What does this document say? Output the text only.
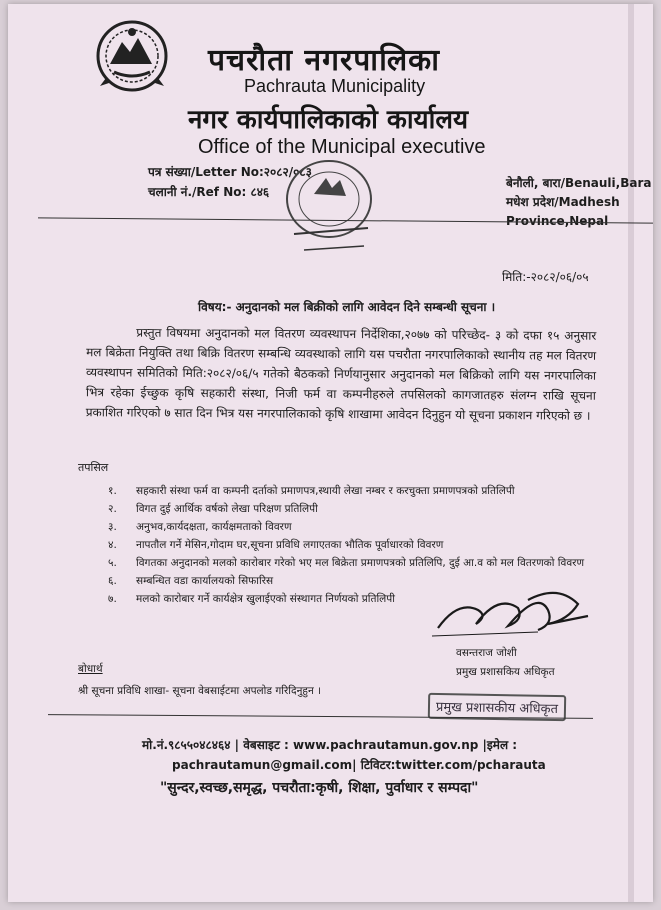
पचरौता नगरपालिका
Pachrauta Municipality
नगर कार्यपालिकाको कार्यालय
Office of the Municipal executive
पत्र संख्या/Letter No:२०८२/०८३
चलानी नं./Ref No: ८४६
बेनौली, बारा/Benauli,Bara
मधेश प्रदेश/Madhesh
Province,Nepal
मिति:-२०८२/०६/०५
विषय:- अनुदानको मल बिक्रीको लागि आवेदन दिने सम्बन्धी सूचना ।
प्रस्तुत विषयमा अनुदानको मल वितरण व्यवस्थापन निर्देशिका,२०७७ को परिच्छेद- ३ को दफा १५ अनुसार मल बिक्रेता नियुक्ति तथा बिक्रि वितरण सम्बन्धि व्यवस्थाको लागि यस पचरौता नगरपालिकाको स्थानीय तह मल वितरण व्यवस्थापन समितिको मिति:२०८२/०६/५ गतेको बैठकको निर्णयानुसार अनुदानको मल बिक्रिको लागि यस नगरपालिका भित्र रहेका ईच्छुक कृषि सहकारी संस्था, निजी फर्म वा कम्पनीहरुले तपसिलको कागजातहरु संलग्न राखि सूचना प्रकाशित गरिएको ७ सात दिन भित्र यस नगरपालिकाको कृषि शाखामा आवेदन दिनुहुन यो सूचना प्रकाशन गरिएको छ ।
तपसिल
१.	सहकारी संस्था फर्म वा कम्पनी दर्ताको प्रमाणपत्र,स्थायी लेखा नम्बर र करचुक्ता प्रमाणपत्रको प्रतिलिपी
२.	विगत दुई आर्थिक वर्षको लेखा परिक्षण प्रतिलिपी
३.	अनुभव,कार्यदक्षता, कार्यक्षमताको विवरण
४.	नापतौल गर्ने मेसिन,गोदाम घर,सूचना प्रविधि लगाएतका भौतिक पूर्वाधारको विवरण
५.	विगतका अनुदानको मलको कारोबार गरेको भए मल बिक्रेता प्रमाणपत्रको प्रतिलिपि, दुई आ.व को मल वितरणको विवरण
६.	सम्बन्धित वडा कार्यालयको सिफारिस
७.	मलको कारोबार गर्ने कार्यक्षेत्र खुलाईएको संस्थागत निर्णयको प्रतिलिपी
वसन्तराज जोशी
प्रमुख प्रशासकिय अधिकृत
बोधार्थ
श्री सूचना प्रविधि शाखा- सूचना वेबसाईटमा अपलोड गरिदिनुहुन ।
प्रमुख प्रशासकीय अधिकृत
मो.नं.९८५५०४८४६४ | वेबसाइट : www.pachrautamun.gov.np |इमेल :
pachrautamun@gmail.com| टिविटर:twitter.com/pcharauta
"सुन्दर,स्वच्छ,समृद्ध, पचरौता:कृषी, शिक्षा, पुर्वाधार र सम्पदा"
